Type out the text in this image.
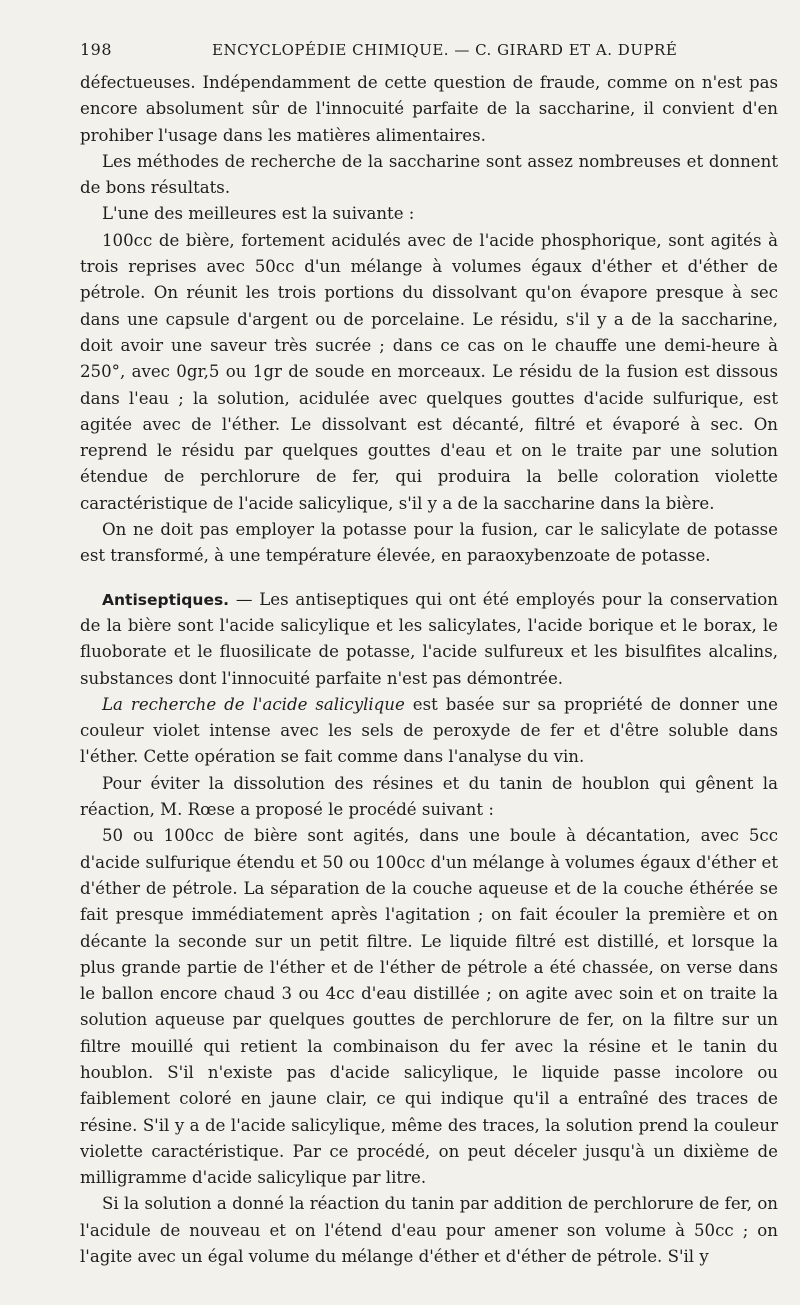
198	ENCYCLOPÉDIE CHIMIQUE. — C. GIRARD ET A. DUPRÉ

défectueuses. Indépendamment de cette question de fraude, comme on n'est pas encore absolument sûr de l'innocuité parfaite de la saccharine, il convient d'en prohiber l'usage dans les matières alimentaires.

Les méthodes de recherche de la saccharine sont assez nombreuses et donnent de bons résultats.

L'une des meilleures est la suivante :

100cc de bière, fortement acidulés avec de l'acide phosphorique, sont agités à trois reprises avec 50cc d'un mélange à volumes égaux d'éther et d'éther de pétrole. On réunit les trois portions du dissolvant qu'on évapore presque à sec dans une capsule d'argent ou de porcelaine. Le résidu, s'il y a de la saccharine, doit avoir une saveur très sucrée ; dans ce cas on le chauffe une demi-heure à 250°, avec 0gr,5 ou 1gr de soude en morceaux. Le résidu de la fusion est dissous dans l'eau ; la solution, acidulée avec quelques gouttes d'acide sulfurique, est agitée avec de l'éther. Le dissolvant est décanté, filtré et évaporé à sec. On reprend le résidu par quelques gouttes d'eau et on le traite par une solution étendue de perchlorure de fer, qui produira la belle coloration violette caractéristique de l'acide salicylique, s'il y a de la saccharine dans la bière.

On ne doit pas employer la potasse pour la fusion, car le salicylate de potasse est transformé, à une température élevée, en paraoxybenzoate de potasse.

Antiseptiques. — Les antiseptiques qui ont été employés pour la conservation de la bière sont l'acide salicylique et les salicylates, l'acide borique et le borax, le fluoborate et le fluosilicate de potasse, l'acide sulfureux et les bisulfites alcalins, substances dont l'innocuité parfaite n'est pas démontrée.

La recherche de l'acide salicylique est basée sur sa propriété de donner une couleur violet intense avec les sels de peroxyde de fer et d'être soluble dans l'éther. Cette opération se fait comme dans l'analyse du vin.

Pour éviter la dissolution des résines et du tanin de houblon qui gênent la réaction, M. Rœse a proposé le procédé suivant :

50 ou 100cc de bière sont agités, dans une boule à décantation, avec 5cc d'acide sulfurique étendu et 50 ou 100cc d'un mélange à volumes égaux d'éther et d'éther de pétrole. La séparation de la couche aqueuse et de la couche éthérée se fait presque immédiatement après l'agitation ; on fait écouler la première et on décante la seconde sur un petit filtre. Le liquide filtré est distillé, et lorsque la plus grande partie de l'éther et de l'éther de pétrole a été chassée, on verse dans le ballon encore chaud 3 ou 4cc d'eau distillée ; on agite avec soin et on traite la solution aqueuse par quelques gouttes de perchlorure de fer, on la filtre sur un filtre mouillé qui retient la combinaison du fer avec la résine et le tanin du houblon. S'il n'existe pas d'acide salicylique, le liquide passe incolore ou faiblement coloré en jaune clair, ce qui indique qu'il a entraîné des traces de résine. S'il y a de l'acide salicylique, même des traces, la solution prend la couleur violette caractéristique. Par ce procédé, on peut déceler jusqu'à un dixième de milligramme d'acide salicylique par litre.

Si la solution a donné la réaction du tanin par addition de perchlorure de fer, on l'acidule de nouveau et on l'étend d'eau pour amener son volume à 50cc ; on l'agite avec un égal volume du mélange d'éther et d'éther de pétrole. S'il y
